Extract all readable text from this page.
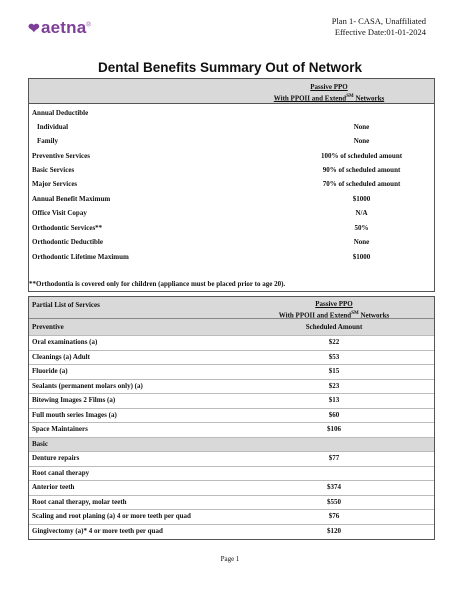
❤aetna®	Plan 1- CASA, Unaffiliated
Effective Date:01-01-2024
Dental Benefits Summary Out of Network
Passive PPO
With PPOII and Extend℠ Networks
Annual Deductible
Individual	None
Family	None
Preventive Services	100% of scheduled amount
Basic Services	90% of scheduled amount
Major Services	70% of scheduled amount
Annual Benefit Maximum	$1000
Office Visit Copay	N/A
Orthodontic Services**	50%
Orthodontic Deductible	None
Orthodontic Lifetime Maximum	$1000
**Orthodontia is covered only for children (appliance must be placed prior to age 20).
Partial List of Services	Passive PPO
With PPOII and Extend℠ Networks
Preventive	Scheduled Amount
Oral examinations (a)	$22
Cleanings (a) Adult	$53
Fluoride (a)	$15
Sealants (permanent molars only) (a)	$23
Bitewing Images 2 Films (a)	$13
Full mouth series Images (a)	$60
Space Maintainers	$106
Basic
Denture repairs	$77
Root canal therapy
Anterior teeth	$374
Root canal therapy, molar teeth	$550
Scaling and root planing (a) 4 or more teeth per quad	$76
Gingivectomy (a)* 4 or more teeth per quad	$120
Page 1
